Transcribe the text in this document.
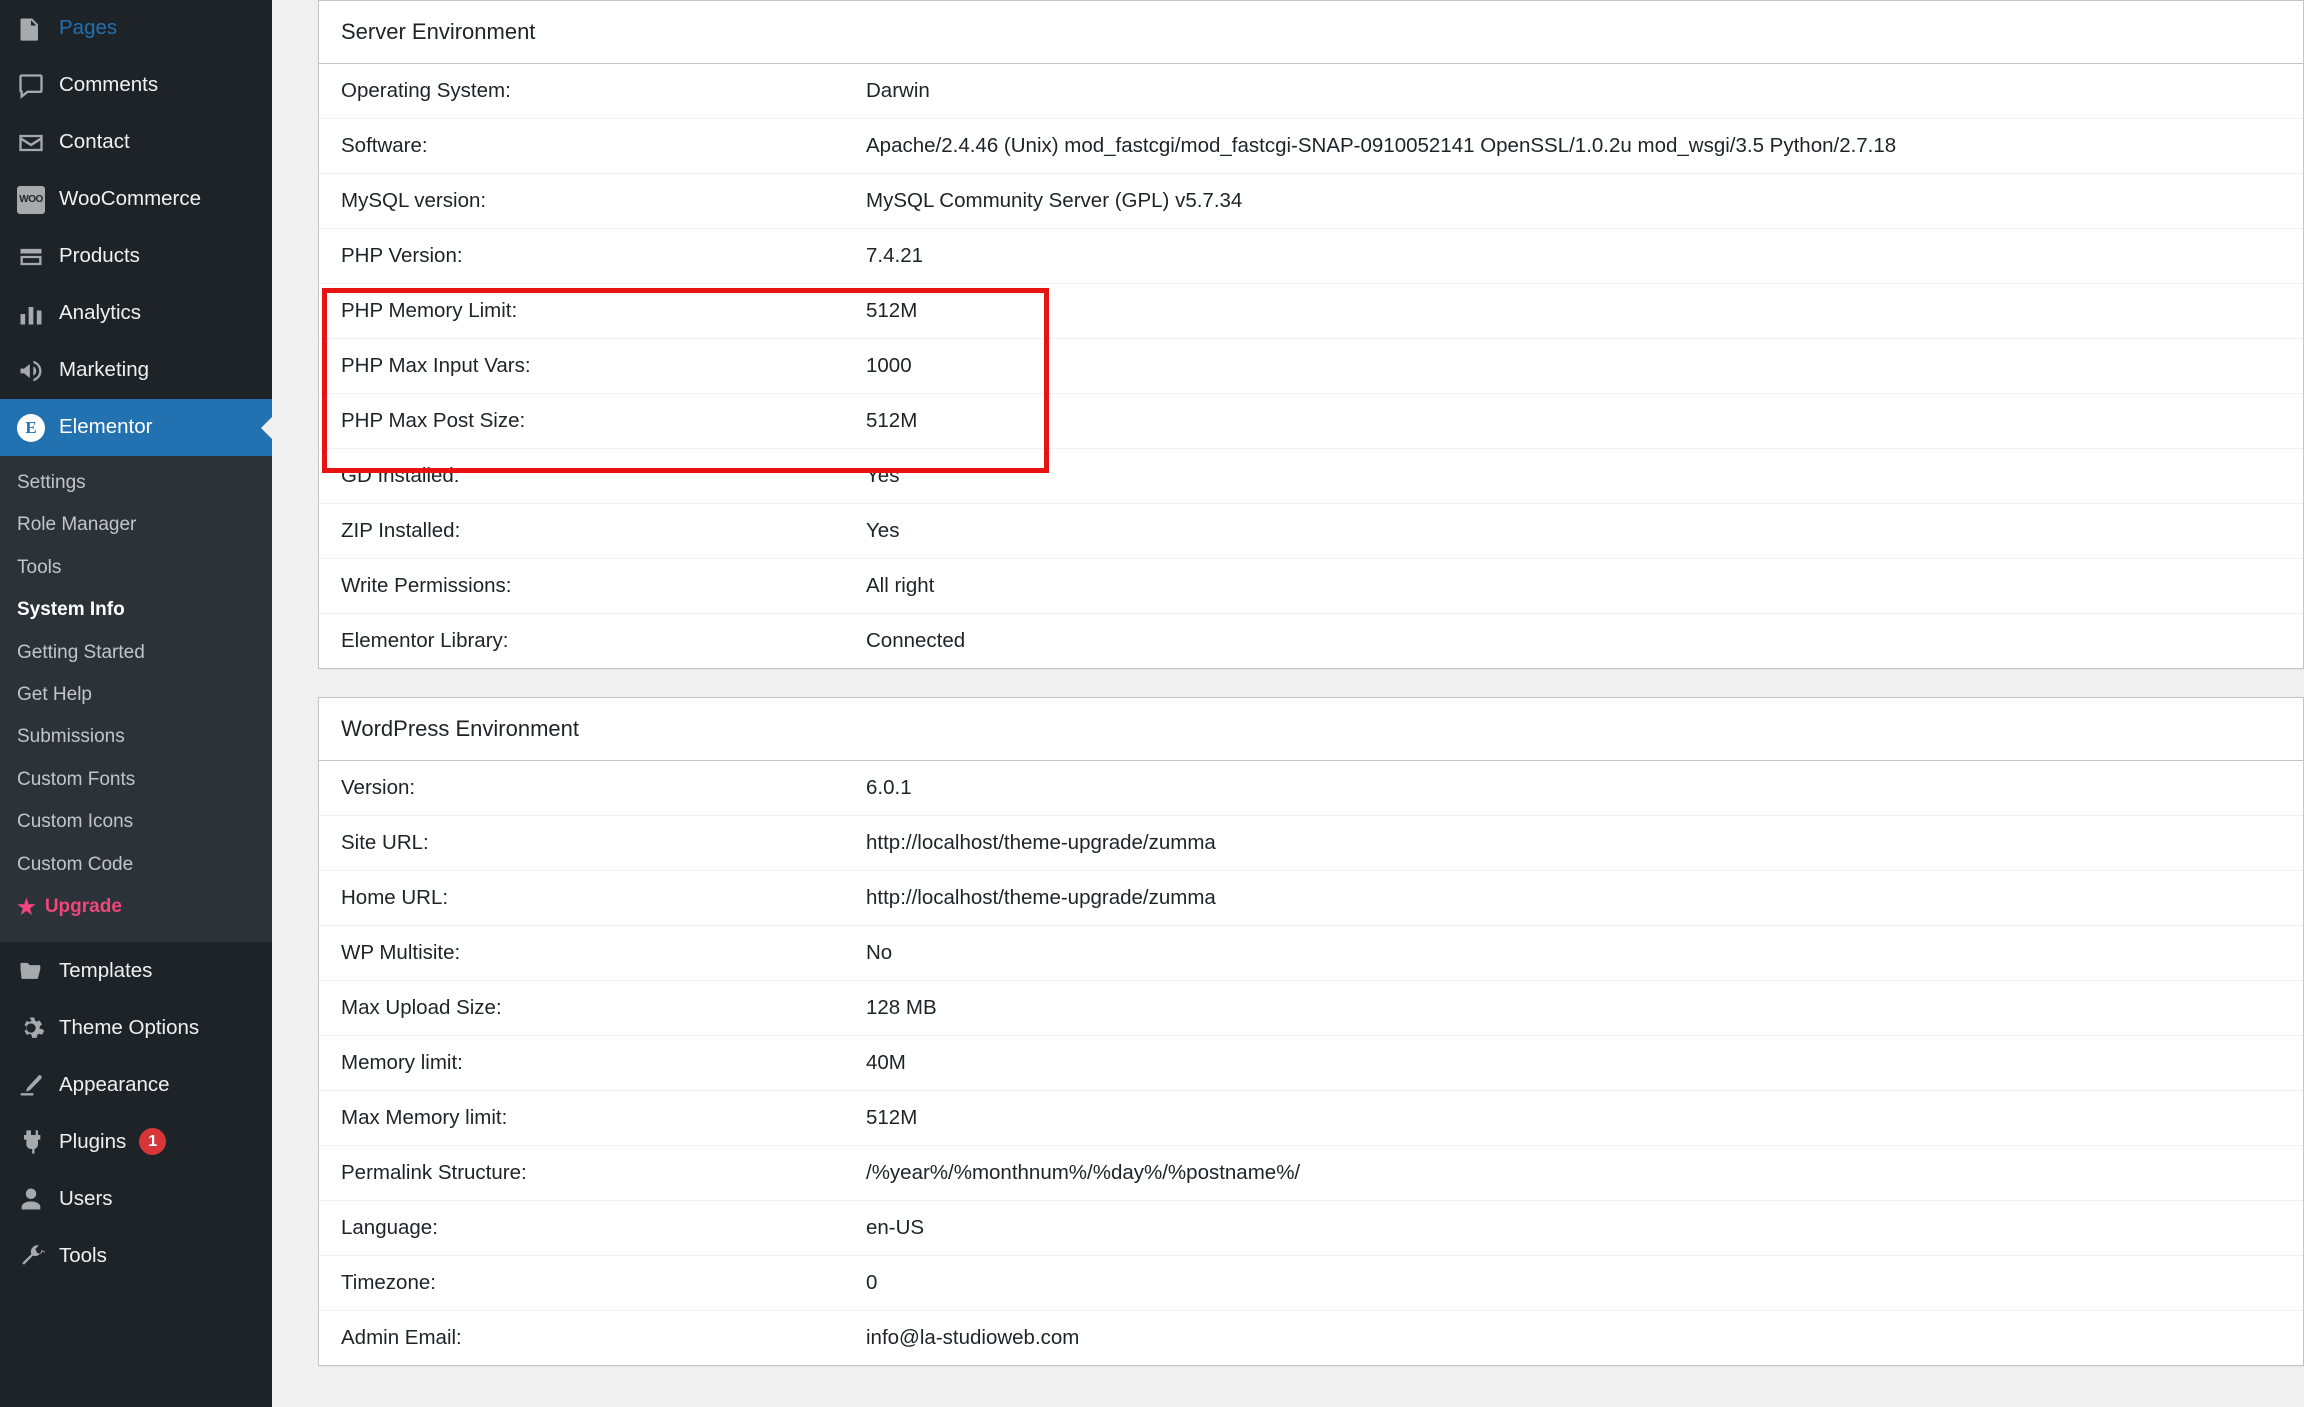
Pages
Comments
Contact
WOO WooCommerce
Products
Analytics
Marketing
E	Elementor
Settings
Role Manager
Tools
System Info
Getting Started
Get Help
Submissions
Custom Fonts
Custom Icons
Custom Code
★ Upgrade
Templates
Theme Options
Appearance
Plugins	1
Users
Tools
Server Environment
Operating System:	Darwin
Software:	Apache/2.4.46 (Unix) mod_fastcgi/mod_fastcgi-SNAP-0910052141 OpenSSL/1.0.2u mod_wsgi/3.5 Python/2.7.18
MySQL version:	MySQL Community Server (GPL) v5.7.34
PHP Version:	7.4.21
PHP Memory Limit:	512M
PHP Max Input Vars:	1000
PHP Max Post Size:	512M
GD Installed:	Yes
ZIP Installed:	Yes
Write Permissions:	All right
Elementor Library:	Connected
WordPress Environment
Version:	6.0.1
Site URL:	http://localhost/theme-upgrade/zumma
Home URL:	http://localhost/theme-upgrade/zumma
WP Multisite:	No
Max Upload Size:	128 MB
Memory limit:	40M
Max Memory limit:	512M
Permalink Structure:	/%year%/%monthnum%/%day%/%postname%/
Language:	en-US
Timezone:	0
Admin Email:	info@la-studioweb.com
